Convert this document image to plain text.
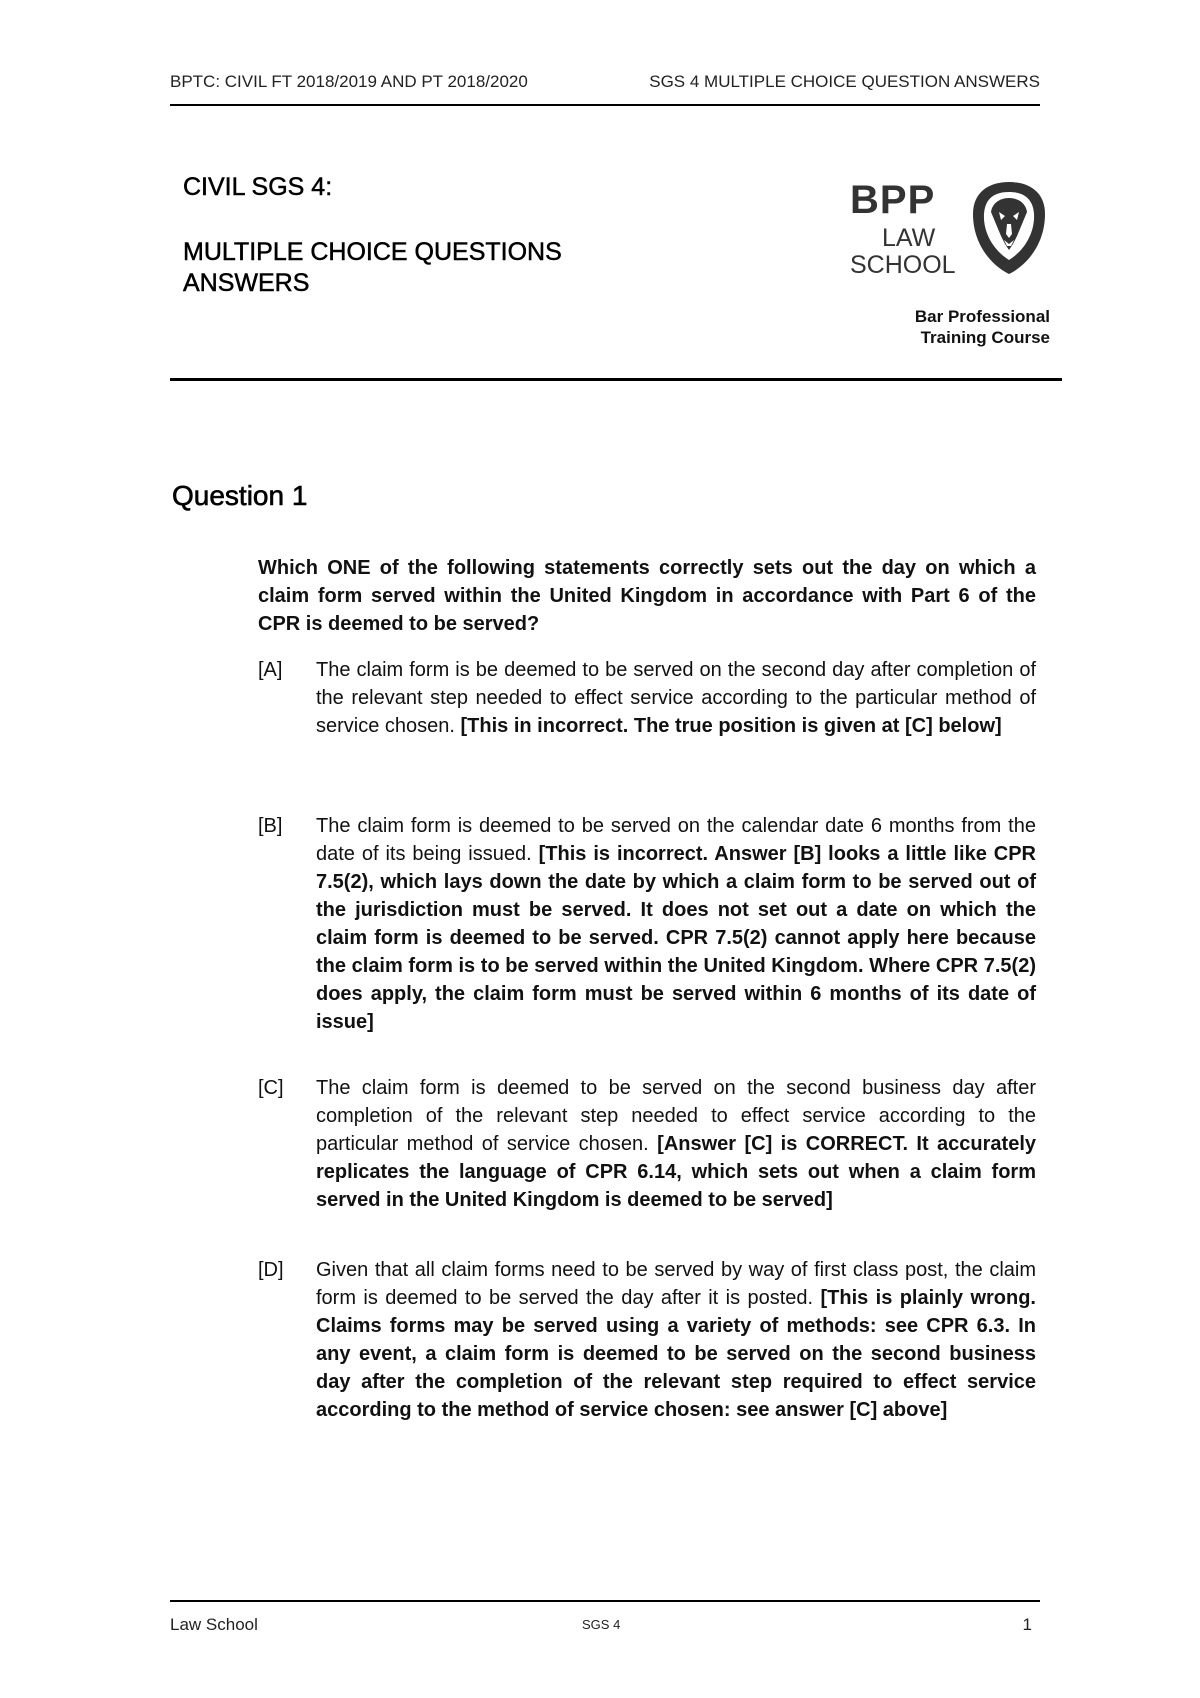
BPTC: CIVIL FT 2018/2019 AND PT 2018/2020	SGS 4 MULTIPLE CHOICE QUESTION ANSWERS
CIVIL SGS 4:
MULTIPLE CHOICE QUESTIONS
ANSWERS
BPP
LAW
SCHOOL
Bar Professional
Training Course
Question 1
Which ONE of the following statements correctly sets out the day on which a claim form served within the United Kingdom in accordance with Part 6 of the CPR is deemed to be served?
[A] The claim form is be deemed to be served on the second day after completion of the relevant step needed to effect service according to the particular method of service chosen. [This in incorrect. The true position is given at [C] below]
[B] The claim form is deemed to be served on the calendar date 6 months from the date of its being issued. [This is incorrect. Answer [B] looks a little like CPR 7.5(2), which lays down the date by which a claim form to be served out of the jurisdiction must be served. It does not set out a date on which the claim form is deemed to be served. CPR 7.5(2) cannot apply here because the claim form is to be served within the United Kingdom. Where CPR 7.5(2) does apply, the claim form must be served within 6 months of its date of issue]
[C] The claim form is deemed to be served on the second business day after completion of the relevant step needed to effect service according to the particular method of service chosen. [Answer [C] is CORRECT. It accurately replicates the language of CPR 6.14, which sets out when a claim form served in the United Kingdom is deemed to be served]
[D] Given that all claim forms need to be served by way of first class post, the claim form is deemed to be served the day after it is posted. [This is plainly wrong. Claims forms may be served using a variety of methods: see CPR 6.3. In any event, a claim form is deemed to be served on the second business day after the completion of the relevant step required to effect service according to the method of service chosen: see answer [C] above]
Law School	SGS 4	1
